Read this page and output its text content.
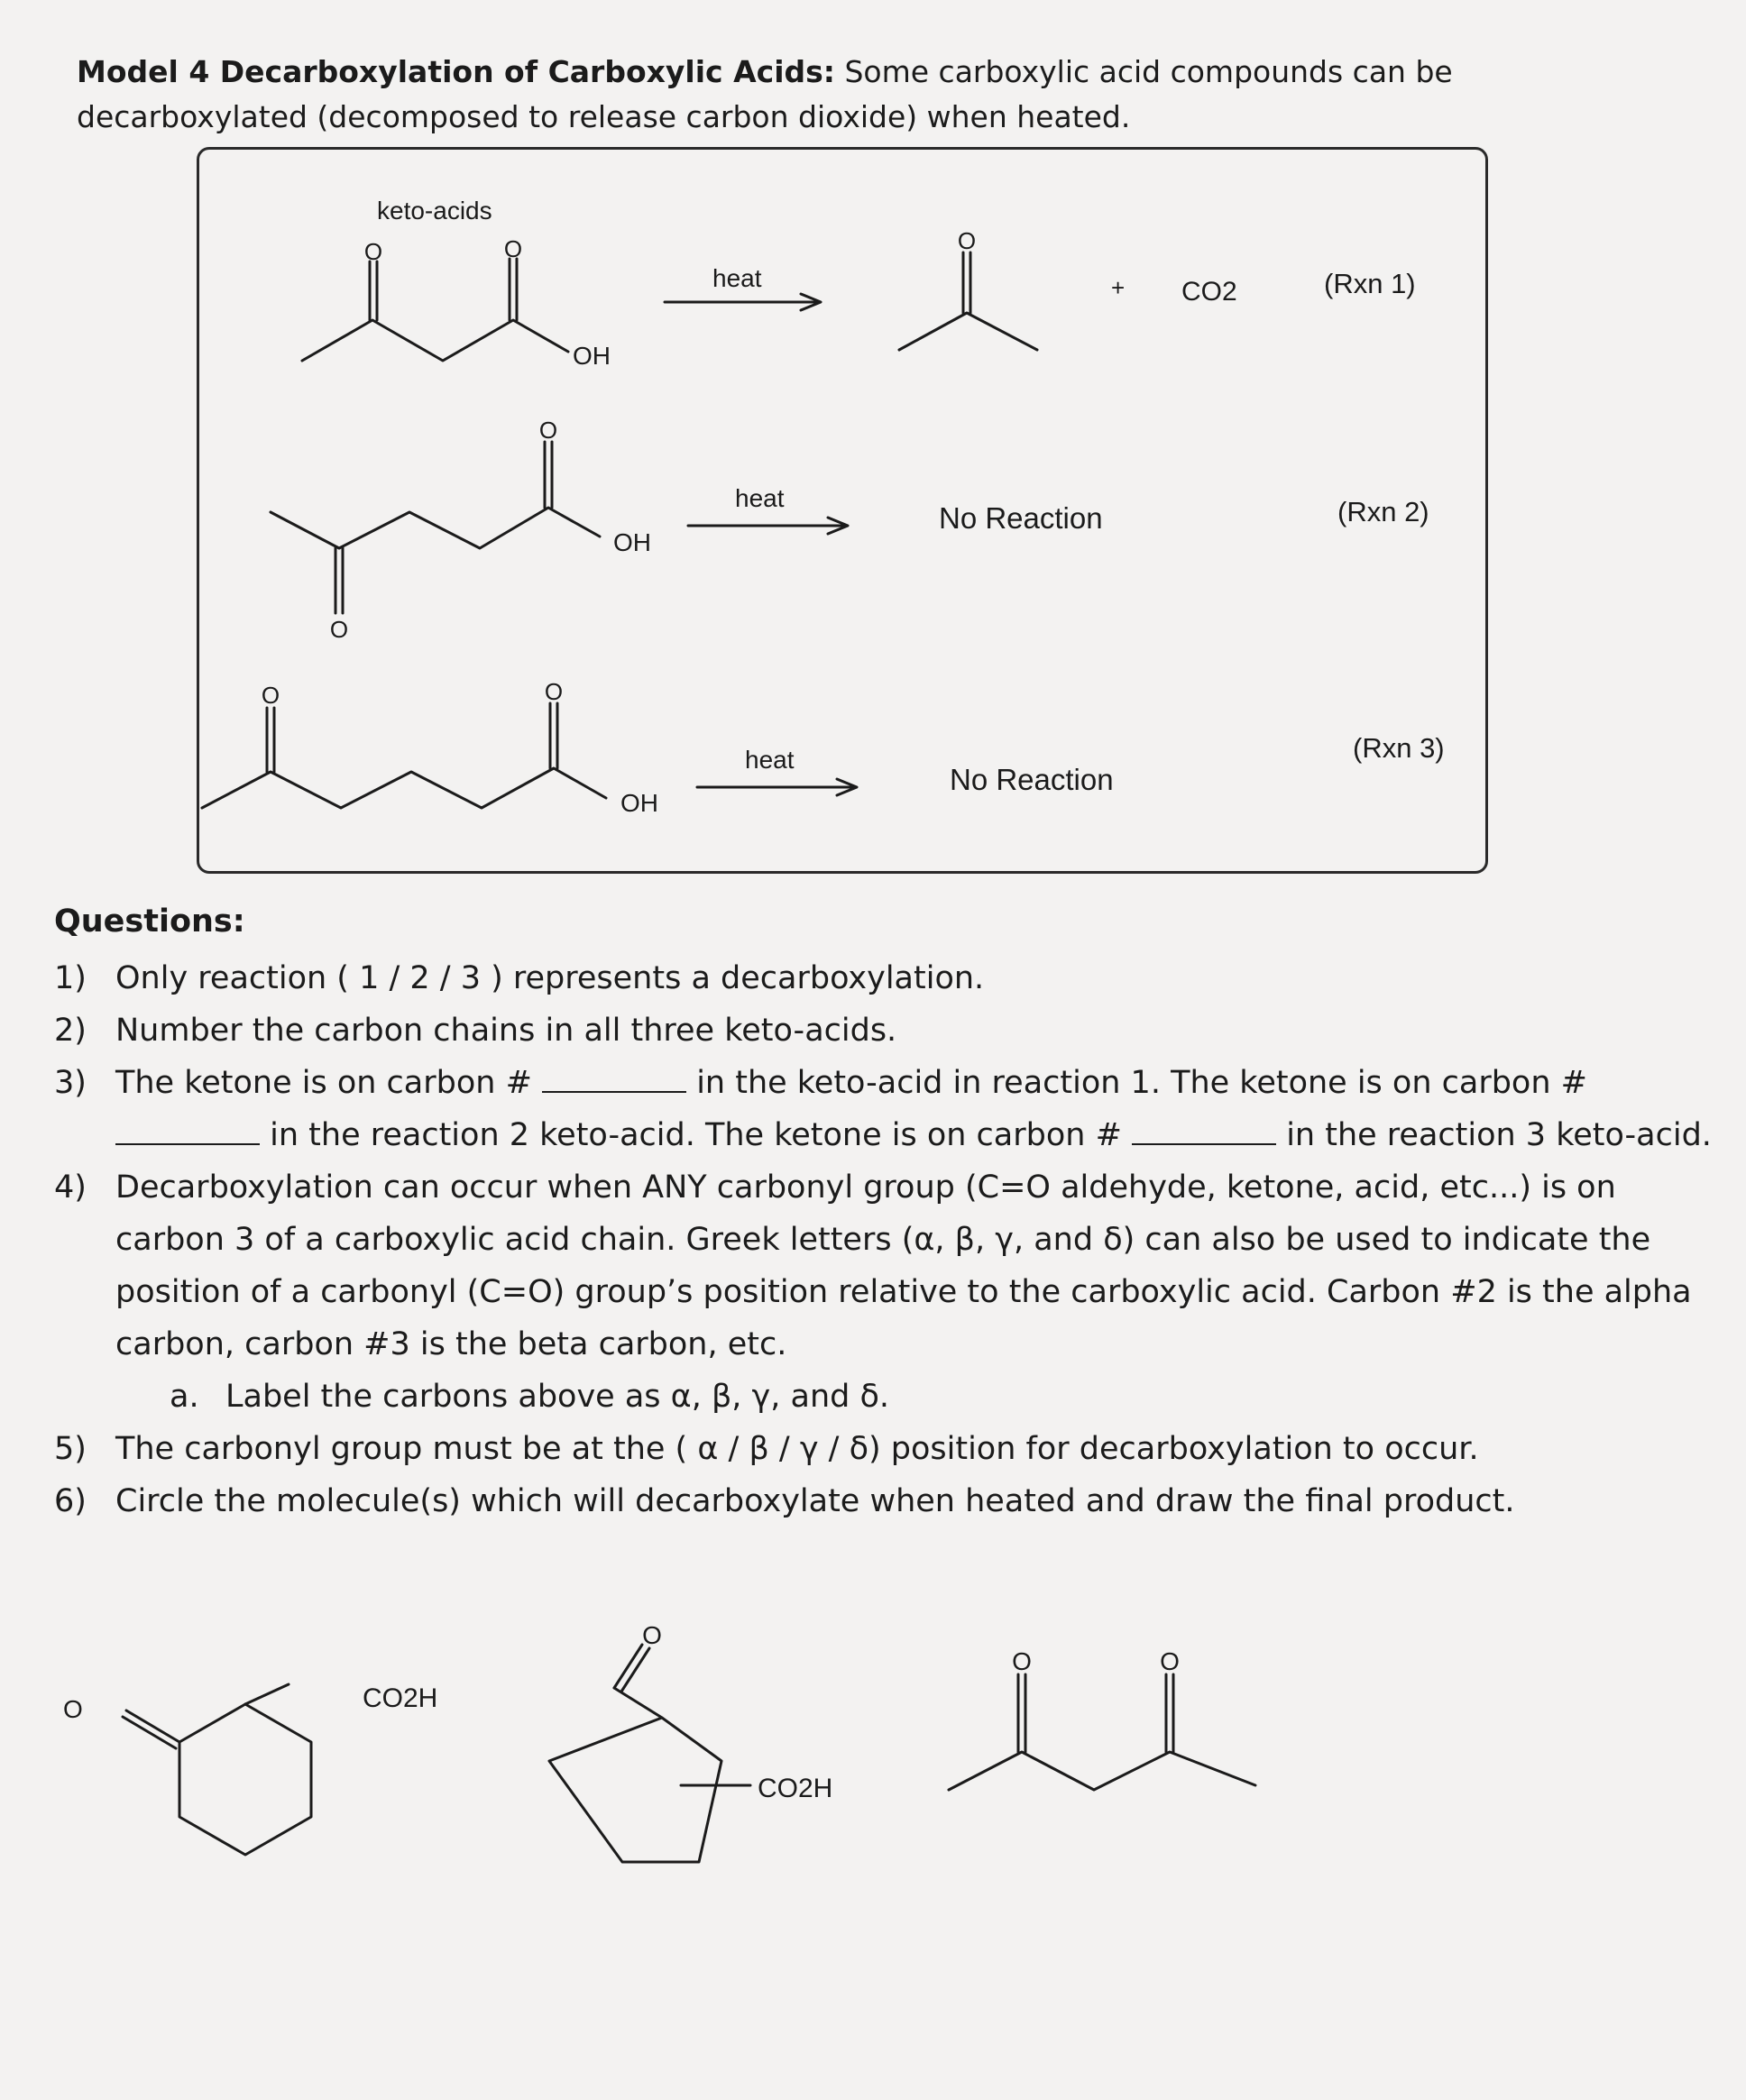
Model 4 Decarboxylation of Carboxylic Acids: Some carboxylic acid compounds can be decarboxylated (decomposed to release carbon dioxide) when heated.
keto-acids
O	O
OH
heat
O
+ CO2	(Rxn 1)
O
O
OH
heat
No Reaction	(Rxn 2)
O	O
OH
heat
No Reaction
(Rxn 3)
O	CO2H
O
CO2H
O	O
Questions:
1) Only reaction ( 1 / 2 / 3 ) represents a decarboxylation.
2) Number the carbon chains in all three keto-acids.
3) The ketone is on carbon #	in the keto-acid in reaction 1. The ketone is on carbon #  in the reaction 2 keto-acid. The ketone is on carbon #	in the reaction 3 keto-acid.
4) Decarboxylation can occur when ANY carbonyl group (C=O aldehyde, ketone, acid, etc...) is on carbon 3 of a carboxylic acid chain. Greek letters (α, β, γ, and δ) can also be used to indicate the position of a carbonyl (C=O) group’s position relative to the carboxylic acid. Carbon #2 is the alpha carbon, carbon #3 is the beta carbon, etc.
a. Label the carbons above as α, β, γ, and δ.
5) The carbonyl group must be at the ( α / β / γ / δ) position for decarboxylation to occur.
6) Circle the molecule(s) which will decarboxylate when heated and draw the final product.
